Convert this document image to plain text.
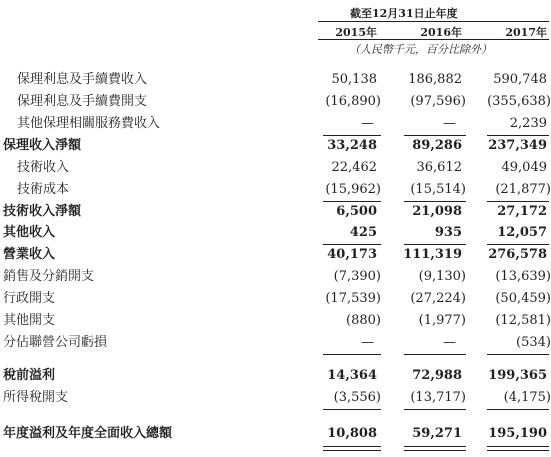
截至12月31日止年度
2015年	2016年	2017年
（人民幣千元，百分比除外）
保理利息及手續費收入	50,138	186,882	590,748
保理利息及手續費開支	(16,890)	(97,596)	(355,638)
其他保理相關服務費收入	—	—	2,239
保理收入淨額	33,248	89,286	237,349
技術收入	22,462	36,612	49,049
技術成本	(15,962)	(15,514)	(21,877)
技術收入淨額	6,500	21,098	27,172
其他收入	425	935	12,057
營業收入	40,173	111,319	276,578
銷售及分銷開支	(7,390)	(9,130)	(13,639)
行政開支	(17,539)	(27,224)	(50,459)
其他開支	(880)	(1,977)	(12,581)
分佔聯營公司虧損	—	—	(534)
稅前溢利	14,364	72,988	199,365
所得稅開支	(3,556)	(13,717)	(4,175)
年度溢利及年度全面收入總額	10,808	59,271	195,190
